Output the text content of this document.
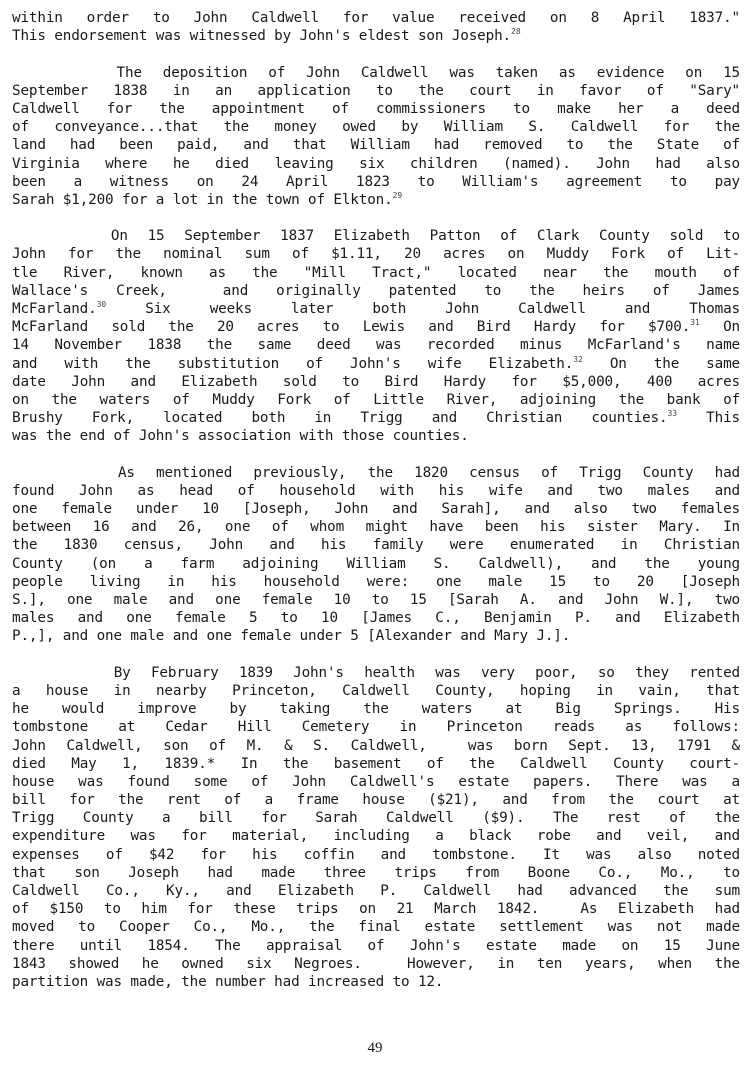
within order to John Caldwell for value received on 8 April 1837."
This endorsement was witnessed by John's eldest son Joseph.$^{28}$
The deposition of John Caldwell was taken as evidence on 15
September 1838 in an application to the court in favor of "Sary"
Caldwell for the appointment of commissioners to make her a deed
of conveyance...that the money owed by William S. Caldwell for the
land had been paid, and that William had removed to the State of
Virginia where he died leaving six children (named). John had also
been a witness on 24 April 1823 to William's agreement to pay
Sarah $1,200 for a lot in the town of Elkton.$^{29}$
On 15 September 1837 Elizabeth Patton of Clark County sold to
John for the nominal sum of $1.11, 20 acres on Muddy Fork of Lit-
tle River, known as the "Mill Tract," located near the mouth of
Wallace's Creek,  and originally patented to the heirs of James
McFarland.$^{30}$ Six weeks later both John Caldwell and Thomas
McFarland sold the 20 acres to Lewis and Bird Hardy for $700.31 On
14 November 1838 the same deed was recorded minus McFarland's name
and with the substitution of John's wife Elizabeth.$^{32}$ On the same
date John and Elizabeth sold to Bird Hardy for $5,000, 400 acres
on the waters of Muddy Fork of Little River, adjoining the bank of
Brushy Fork, located both in Trigg and Christian counties.$^{33}$ This
was the end of John's association with those counties.
As mentioned previously, the 1820 census of Trigg County had
found John as head of household with his wife and two males and
one female under 10 [Joseph, John and Sarah], and also two females
between 16 and 26, one of whom might have been his sister Mary. In
the 1830 census, John and his family were enumerated in Christian
County (on a farm adjoining William S. Caldwell), and the young
people living in his household were: one male 15 to 20 [Joseph
S.], one male and one female 10 to 15 [Sarah A. and John W.], two
males and one female 5 to 10 [James C., Benjamin P. and Elizabeth
P.,], and one male and one female under 5 [Alexander and Mary J.].
By February 1839 John's health was very poor, so they rented
a house in nearby Princeton, Caldwell County, hoping in vain, that
he would improve by taking the waters at Big Springs. His
tombstone at Cedar Hill Cemetery in Princeton reads as follows:
John Caldwell, son of M. & S. Caldwell,  was born Sept. 13, 1791 &
died May 1, 1839.* In the basement of the Caldwell County court-
house was found some of John Caldwell's estate papers. There was a
bill for the rent of a frame house ($21), and from the court at
Trigg County a bill for Sarah Caldwell ($9). The rest of the
expenditure was for material, including a black robe and veil, and
expenses of $42 for his coffin and tombstone. It was also noted
that son Joseph had made three trips from Boone Co., Mo., to
Caldwell Co., Ky., and Elizabeth P. Caldwell had advanced the sum
of $150 to him for these trips on 21 March 1842.  As Elizabeth had
moved to Cooper Co., Mo., the final estate settlement was not made
there until 1854. The appraisal of John's estate made on 15 June
1843 showed he owned six Negroes.  However, in ten years, when the
partition was made, the number had increased to 12.
49
